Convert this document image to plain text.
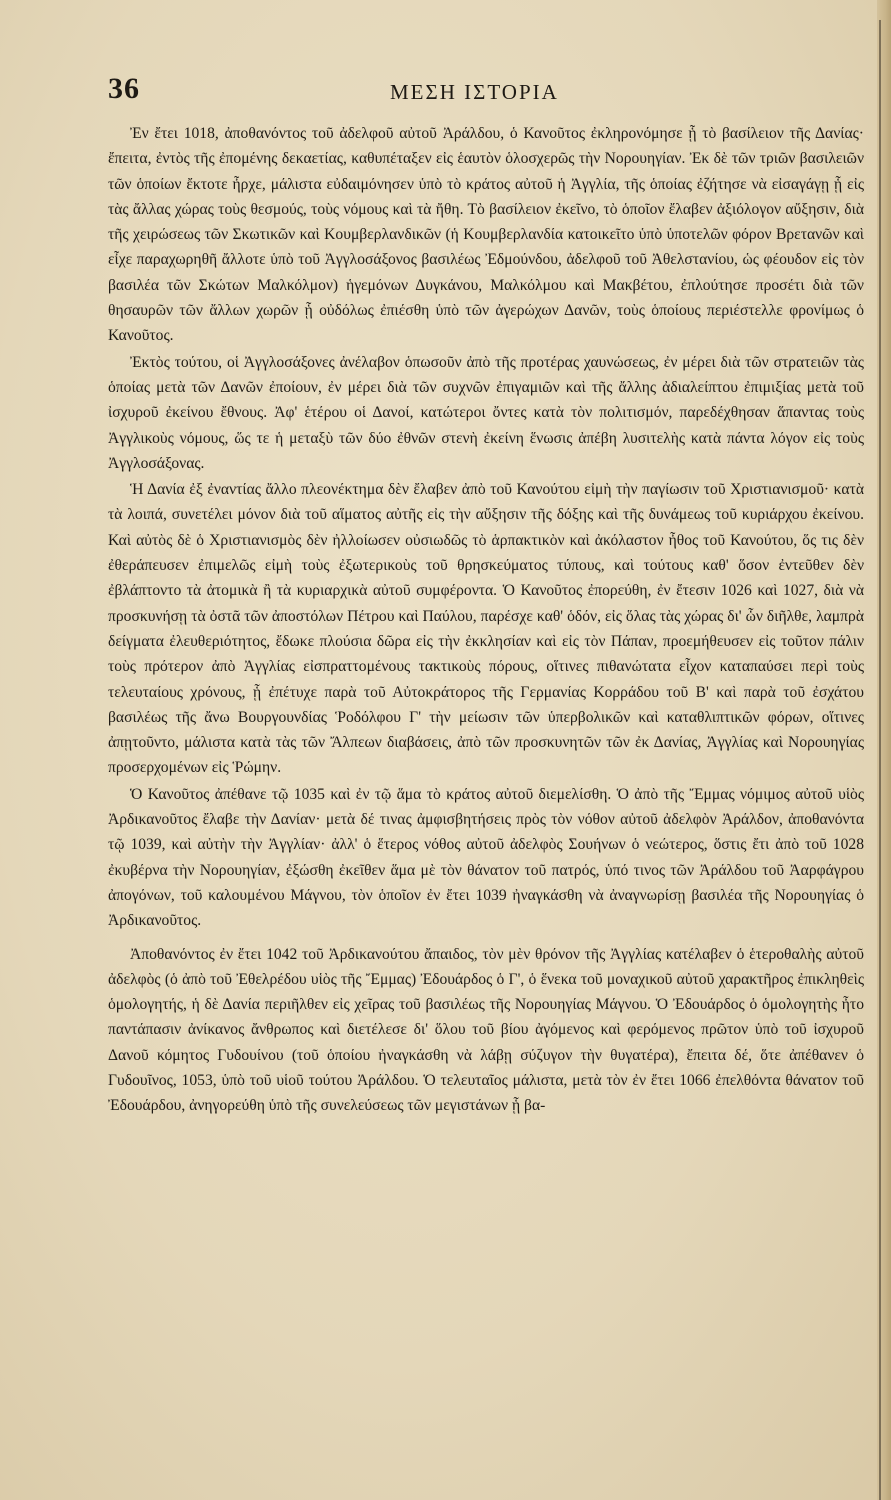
36	ΜΕΣΗ ΙΣΤΟΡΙΑ

Ἐν ἔτει 1018, ἀποθανόντος τοῦ ἀδελφοῦ αὐτοῦ Ἀράλδου, ὁ Κανοῦτος ἐκληρονόμησε ᾗ τὸ βασίλειον τῆς Δανίας· ἔπειτα, ἐντὸς τῆς ἐπομένης δεκαετίας, καθυπέταξεν εἰς ἑαυτὸν ὁλοσχερῶς τὴν Νορουηγίαν. Ἐκ δὲ τῶν τριῶν βασιλειῶν τῶν ὁποίων ἔκτοτε ἦρχε, μάλιστα εὐδαιμόνησεν ὑπὸ τὸ κράτος αὐτοῦ ἡ Ἀγγλία, τῆς ὁποίας ἐζήτησε νὰ εἰσαγάγῃ ᾗ εἰς τὰς ἄλλας χώρας τοὺς θεσμούς, τοὺς νόμους καὶ τὰ ἤθη. Τὸ βασίλειον ἐκεῖνο, τὸ ὁποῖον ἔλαβεν ἀξιόλογον αὔξησιν, διὰ τῆς χειρώσεως τῶν Σκωτικῶν καὶ Κουμβερλανδικῶν (ἡ Κουμβερλανδία κατοικεῖτο ὑπὸ ὑποτελῶν φόρον Βρετανῶν καὶ εἶχε παραχωρηθῆ ἄλλοτε ὑπὸ τοῦ Ἀγγλοσάξονος βασιλέως Ἐδμούνδου, ἀδελφοῦ τοῦ Ἀθελστανίου, ὡς φέουδον εἰς τὸν βασιλέα τῶν Σκώτων Μαλκόλμον) ἡγεμόνων Δυγκάνου, Μαλκόλμου καὶ Μακβέτου, ἐπλούτησε προσέτι διὰ τῶν θησαυρῶν τῶν ἄλλων χωρῶν ᾗ οὐδόλως ἐπιέσθη ὑπὸ τῶν ἀγερώχων Δανῶν, τοὺς ὁποίους περιέστελλε φρονίμως ὁ Κανοῦτος.

Ἐκτὸς τούτου, οἱ Ἀγγλοσάξονες ἀνέλαβον ὁπωσοῦν ἀπὸ τῆς προτέρας χαυνώσεως, ἐν μέρει διὰ τῶν στρατειῶν τὰς ὁποίας μετὰ τῶν Δανῶν ἐποίουν, ἐν μέρει διὰ τῶν συχνῶν ἐπιγαμιῶν καὶ τῆς ἄλλης ἀδιαλείπτου ἐπιμιξίας μετὰ τοῦ ἰσχυροῦ ἐκείνου ἔθνους. Ἀφ' ἑτέρου οἱ Δανοί, κατώτεροι ὄντες κατὰ τὸν πολιτισμόν, παρεδέχθησαν ἅπαντας τοὺς Ἀγγλικοὺς νόμους, ὥς τε ἡ μεταξὺ τῶν δύο ἐθνῶν στενὴ ἐκείνη ἕνωσις ἀπέβη λυσιτελὴς κατὰ πάντα λόγον εἰς τοὺς Ἀγγλοσάξονας.

Ἡ Δανία ἐξ ἐναντίας ἄλλο πλεονέκτημα δὲν ἔλαβεν ἀπὸ τοῦ Κανούτου εἰμὴ τὴν παγίωσιν τοῦ Χριστιανισμοῦ· κατὰ τὰ λοιπά, συνετέλει μόνον διὰ τοῦ αἵματος αὐτῆς εἰς τὴν αὔξησιν τῆς δόξης καὶ τῆς δυνάμεως τοῦ κυριάρχου ἐκείνου. Καὶ αὐτὸς δὲ ὁ Χριστιανισμὸς δὲν ἠλλοίωσεν οὐσιωδῶς τὸ ἁρπακτικὸν καὶ ἀκόλαστον ἦθος τοῦ Κανούτου, ὅς τις δὲν ἐθεράπευσεν ἐπιμελῶς εἰμὴ τοὺς ἐξωτερικοὺς τοῦ θρησκεύματος τύπους, καὶ τούτους καθ' ὅσον ἐντεῦθεν δὲν ἐβλάπτοντο τὰ ἀτομικὰ ἢ τὰ κυριαρχικὰ αὐτοῦ συμφέροντα. Ὁ Κανοῦτος ἐπορεύθη, ἐν ἔτεσιν 1026 καὶ 1027, διὰ νὰ προσκυνήσῃ τὰ ὀστᾶ τῶν ἀποστόλων Πέτρου καὶ Παύλου, παρέσχε καθ' ὁδόν, εἰς ὅλας τὰς χώρας δι' ὧν διῆλθε, λαμπρὰ δείγματα ἐλευθεριότητος, ἔδωκε πλούσια δῶρα εἰς τὴν ἐκκλησίαν καὶ εἰς τὸν Πάπαν, προεμήθευσεν εἰς τοῦτον πάλιν τοὺς πρότερον ἀπὸ Ἀγγλίας εἰσπραττομένους τακτικοὺς πόρους, οἵτινες πιθανώτατα εἶχον καταπαύσει περὶ τοὺς τελευταίους χρόνους, ᾗ ἐπέτυχε παρὰ τοῦ Αὐτοκράτορος τῆς Γερμανίας Κορράδου τοῦ Β' καὶ παρὰ τοῦ ἐσχάτου βασιλέως τῆς ἄνω Βουργουνδίας Ῥοδόλφου Γ' τὴν μείωσιν τῶν ὑπερβολικῶν καὶ καταθλιπτικῶν φόρων, οἵτινες ἀπῃτοῦντο, μάλιστα κατὰ τὰς τῶν Ἄλπεων διαβάσεις, ἀπὸ τῶν προσκυνητῶν τῶν ἐκ Δανίας, Ἀγγλίας καὶ Νορουηγίας προσερχομένων εἰς Ῥώμην.

Ὁ Κανοῦτος ἀπέθανε τῷ 1035 καὶ ἐν τῷ ἅμα τὸ κράτος αὐτοῦ διεμελίσθη. Ὁ ἀπὸ τῆς Ἔμμας νόμιμος αὐτοῦ υἱὸς Ἀρδικανοῦτος ἔλαβε τὴν Δανίαν· μετὰ δέ τινας ἀμφισβητήσεις πρὸς τὸν νόθον αὐτοῦ ἀδελφὸν Ἀράλδον, ἀποθανόντα τῷ 1039, καὶ αὐτὴν τὴν Ἀγγλίαν· ἀλλ' ὁ ἕτερος νόθος αὐτοῦ ἀδελφὸς Σουήνων ὁ νεώτερος, ὅστις ἔτι ἀπὸ τοῦ 1028 ἐκυβέρνα τὴν Νορουηγίαν, ἐξώσθη ἐκεῖθεν ἅμα μὲ τὸν θάνατον τοῦ πατρός, ὑπό τινος τῶν Ἀράλδου τοῦ Ἀαρφάγρου ἀπογόνων, τοῦ καλουμένου Μάγνου, τὸν ὁποῖον ἐν ἔτει 1039 ἠναγκάσθη νὰ ἀναγνωρίσῃ βασιλέα τῆς Νορουηγίας ὁ Ἀρδικανοῦτος.

Ἀποθανόντος ἐν ἔτει 1042 τοῦ Ἀρδικανούτου ἄπαιδος, τὸν μὲν θρόνον τῆς Ἀγγλίας κατέλαβεν ὁ ἑτεροθαλὴς αὐτοῦ ἀδελφὸς (ὁ ἀπὸ τοῦ Ἐθελρέδου υἱὸς τῆς Ἔμμας) Ἐδουάρδος ὁ Γ', ὁ ἕνεκα τοῦ μοναχικοῦ αὐτοῦ χαρακτῆρος ἐπικληθεὶς ὁμολογητής, ἡ δὲ Δανία περιῆλθεν εἰς χεῖρας τοῦ βασιλέως τῆς Νορουηγίας Μάγνου. Ὁ Ἐδουάρδος ὁ ὁμολογητὴς ἦτο παντάπασιν ἀνίκανος ἄνθρωπος καὶ διετέλεσε δι' ὅλου τοῦ βίου ἀγόμενος καὶ φερόμενος πρῶτον ὑπὸ τοῦ ἰσχυροῦ Δανοῦ κόμητος Γυδουίνου (τοῦ ὁποίου ἠναγκάσθη νὰ λάβῃ σύζυγον τὴν θυγατέρα), ἔπειτα δέ, ὅτε ἀπέθανεν ὁ Γυδουῖνος, 1053, ὑπὸ τοῦ υἱοῦ τούτου Ἀράλδου. Ὁ τελευταῖος μάλιστα, μετὰ τὸν ἐν ἔτει 1066 ἐπελθόντα θάνατον τοῦ Ἐδουάρδου, ἀνηγορεύθη ὑπὸ τῆς συνελεύσεως τῶν μεγιστάνων ᾗ βα-
